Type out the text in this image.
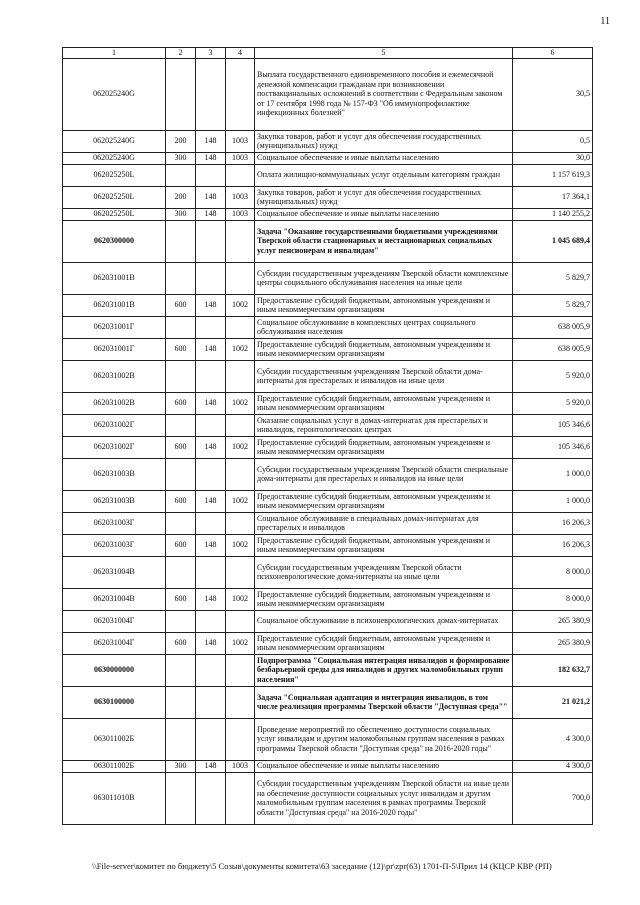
11
1	2	3	4	5	6
062025240G				Выплата государственного единовременного пособия и ежемесячной денежной компенсации гражданам при возникновении поствакцинальных осложнений в соответствии с Федеральным законом от 17 сентября 1998 года № 157-ФЗ "Об иммунопрофилактике инфекционных болезней"	30,5
062025240G	200	148	1003	Закупка товаров, работ и услуг для обеспечения государственных (муниципальных) нужд	0,5
062025240G	300	148	1003	Социальное обеспечение и иные выплаты населению	30,0
062025250L				Оплата жилищно-коммунальных услуг отдельным категориям граждан	1 157 619,3
062025250L	200	148	1003	Закупка товаров, работ и услуг для обеспечения государственных (муниципальных) нужд	17 364,1
062025250L	300	148	1003	Социальное обеспечение и иные выплаты населению	1 140 255,2
0620300000				Задача "Оказание государственными бюджетными учреждениями Тверской области стационарных и нестационарных социальных услуг пенсионерам и инвалидам"	1 045 689,4
062031001В				Субсидии государственным учреждениям Тверской области комплексные центры социального обслуживания населения на иные цели	5 829,7
062031001В	600	148	1002	Предоставление субсидий бюджетным, автономным учреждениям и иным некоммерческим организациям	5 829,7
062031001Г				Социальное обслуживание в комплексных центрах социального обслуживания населения	638 005,9
062031001Г	600	148	1002	Предоставление субсидий бюджетным, автономным учреждениям и иным некоммерческим организациям	638 005,9
062031002В				Субсидии государственным учреждениям Тверской области дома-интернаты для престарелых и инвалидов на иные цели	5 920,0
062031002В	600	148	1002	Предоставление субсидий бюджетным, автономным учреждениям и иным некоммерческим организациям	5 920,0
062031002Г				Оказание социальных услуг в домах-интернатах для престарелых и инвалидов, геронтологических центрах	105 346,6
062031002Г	600	148	1002	Предоставление субсидий бюджетным, автономным учреждениям и иным некоммерческим организациям	105 346,6
062031003В				Субсидии государственным учреждениям Тверской области специальные дома-интернаты для престарелых и инвалидов на иные цели	1 000,0
062031003В	600	148	1002	Предоставление субсидий бюджетным, автономным учреждениям и иным некоммерческим организациям	1 000,0
062031003Г				Социальное обслуживание в специальных домах-интернатах для престарелых и инвалидов	16 206,3
062031003Г	600	148	1002	Предоставление субсидий бюджетным, автономным учреждениям и иным некоммерческим организациям	16 206,3
062031004В				Субсидии государственным учреждениям Тверской области психоневрологические дома-интернаты на иные цели	8 000,0
062031004В	600	148	1002	Предоставление субсидий бюджетным, автономным учреждениям и иным некоммерческим организациям	8 000,0
062031004Г				Социальное обслуживание в психоневрологических домах-интернатах	265 380,9
062031004Г	600	148	1002	Предоставление субсидий бюджетным, автономным учреждениям и иным некоммерческим организациям	265 380,9
0630000000				Подпрограмма "Социальная интеграция инвалидов и формирование безбарьерной среды для инвалидов и других маломобильных групп населения"	182 632,7
0630100000				Задача "Социальная адаптация и интеграция инвалидов, в том числе реализация программы Тверской области "Доступная среда""	21 021,2
063011002Б				Проведение мероприятий по обеспечению доступности социальных услуг инвалидам и другим маломобильным группам населения в рамках программы Тверской области "Доступная среда" на 2016-2020 годы"	4 300,0
063011002Б	300	148	1003	Социальное обеспечение и иные выплаты населению	4 300,0
063011010В				Субсидии государственным учреждениям Тверской области на иные цели на обеспечение доступности социальных услуг инвалидам и другим маломобильным группам населения в рамках программы Тверской области "Доступная среда" на 2016-2020 годы"	700,0
\\File-server\комитет по бюджету\5 Созыв\документы комитета\63 заседание (12)\pr\zpr(63) 1701-П-5\Прил 14 (КЦСР КВР (РП)
